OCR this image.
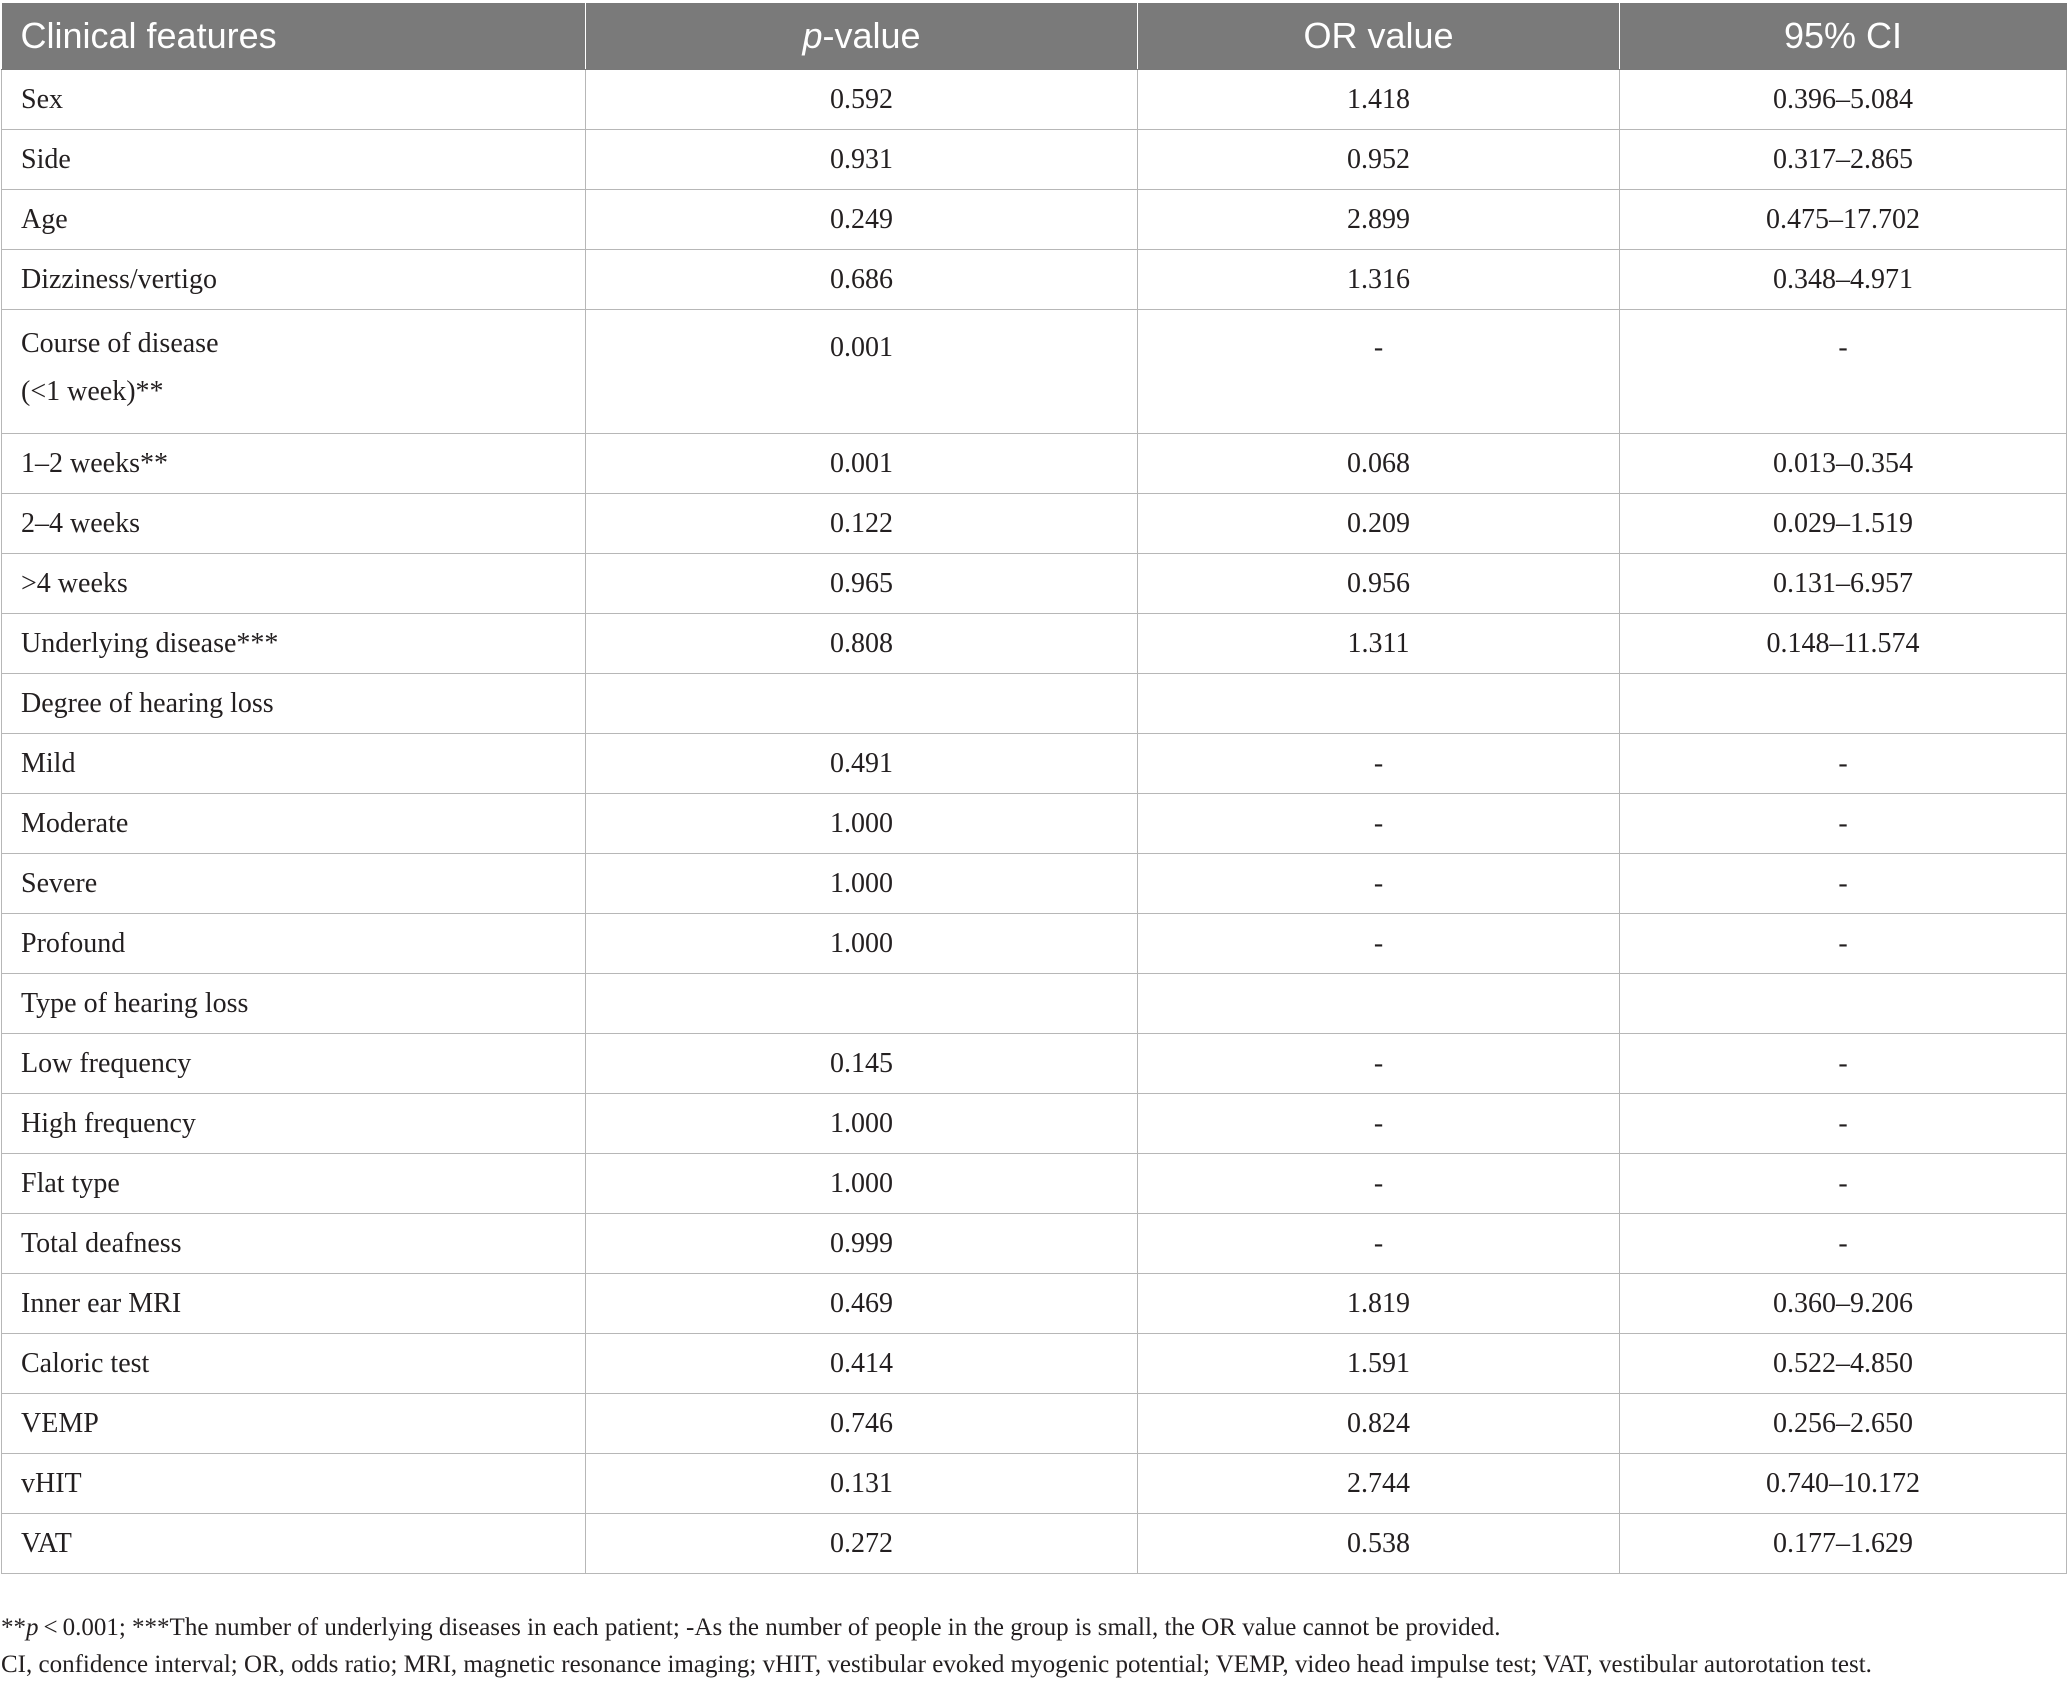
Clinical features	p-value	OR value	95% CI
Sex	0.592	1.418	0.396–5.084
Side	0.931	0.952	0.317–2.865
Age	0.249	2.899	0.475–17.702
Dizziness/vertigo	0.686	1.316	0.348–4.971
Course of disease
(<1 week)**	0.001	-	-
1–2 weeks**	0.001	0.068	0.013–0.354
2–4 weeks	0.122	0.209	0.029–1.519
>4 weeks	0.965	0.956	0.131–6.957
Underlying disease***	0.808	1.311	0.148–11.574
Degree of hearing loss			
Mild	0.491	-	-
Moderate	1.000	-	-
Severe	1.000	-	-
Profound	1.000	-	-
Type of hearing loss			
Low frequency	0.145	-	-
High frequency	1.000	-	-
Flat type	1.000	-	-
Total deafness	0.999	-	-
Inner ear MRI	0.469	1.819	0.360–9.206
Caloric test	0.414	1.591	0.522–4.850
VEMP	0.746	0.824	0.256–2.650
vHIT	0.131	2.744	0.740–10.172
VAT	0.272	0.538	0.177–1.629
**p < 0.001; ***The number of underlying diseases in each patient; -As the number of people in the group is small, the OR value cannot be provided.
CI, confidence interval; OR, odds ratio; MRI, magnetic resonance imaging; vHIT, vestibular evoked myogenic potential; VEMP, video head impulse test; VAT, vestibular autorotation test.
